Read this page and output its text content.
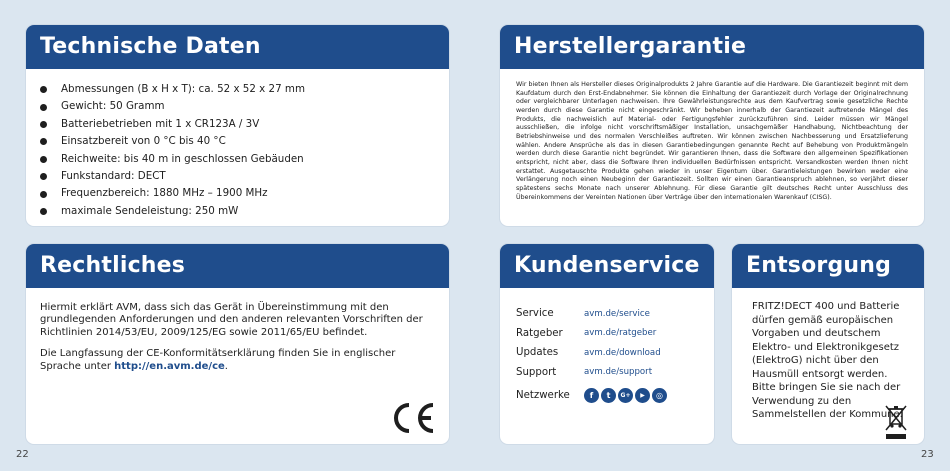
Technische Daten
Abmessungen (B x H x T): ca. 52 x 52 x 27 mm
Gewicht: 50 Gramm
Batteriebetrieben mit 1 x CR123A / 3V
Einsatzbereit von 0 °C bis 40 °C
Reichweite: bis 40 m in geschlossen Gebäuden
Funkstandard: DECT
Frequenzbereich: 1880 MHz – 1900 MHz
maximale Sendeleistung: 250 mW
Herstellergarantie

Wir bieten Ihnen als Hersteller dieses Originalprodukts 2 Jahre Garantie auf die Hardware. Die Garantiezeit beginnt mit dem Kaufdatum durch den Erst-Endabnehmer. Sie können die Einhaltung der Garantiezeit durch Vorlage der Originalrechnung oder vergleichbarer Unterlagen nachweisen. Ihre Gewährleistungsrechte aus dem Kaufvertrag sowie gesetzliche Rechte werden durch diese Garantie nicht eingeschränkt. Wir beheben innerhalb der Garantiezeit auftretende Mängel des Produkts, die nachweislich auf Material- oder Fertigungsfehler zurückzuführen sind. Leider müssen wir Mängel ausschließen, die infolge nicht vorschriftsmäßiger Installation, unsachgemäßer Handhabung, Nichtbeachtung der Betriebshinweise und des normalen Verschleißes auftreten. Wir können zwischen Nachbesserung und Ersatzlieferung wählen. Andere Ansprüche als das in diesen Garantiebedingungen genannte Recht auf Behebung von Produktmängeln werden durch diese Garantie nicht begründet. Wir garantieren Ihnen, dass die Software den allgemeinen Spezifikationen entspricht, nicht aber, dass die Software Ihren individuellen Bedürfnissen entspricht. Versandkosten werden Ihnen nicht erstattet. Ausgetauschte Produkte gehen wieder in unser Eigentum über. Garantieleistungen bewirken weder eine Verlängerung noch einen Neubeginn der Garantiezeit. Sollten wir einen Garantieanspruch ablehnen, so verjährt dieser spätestens sechs Monate nach unserer Ablehnung. Für diese Garantie gilt deutsches Recht unter Ausschluss des Übereinkommens der Vereinten Nationen über Verträge über den internationalen Warenkauf (CISG).

Rechtliches

Hiermit erklärt AVM, dass sich das Gerät in Übereinstimmung mit den grundlegenden Anforderungen und den anderen relevanten Vorschriften der Richtlinien 2014/53/EU, 2009/125/EG sowie 2011/65/EU befindet.

Die Langfassung der CE-Konformitätserklärung finden Sie in englischer Sprache unter http://en.avm.de/ce.

Kundenservice
Service	avm.de/service
Ratgeber	avm.de/ratgeber
Updates	avm.de/download
Support	avm.de/support
Netzwerke	f	t	G+	▶	◎
Entsorgung

FRITZ!DECT 400 und Batterie dürfen gemäß europäischen Vorgaben und deutschem Elektro- und Elektronikgesetz (ElektroG) nicht über den Hausmüll entsorgt werden. Bitte bringen Sie sie nach der Verwendung zu den Sammelstellen der Kommune.

22	23
